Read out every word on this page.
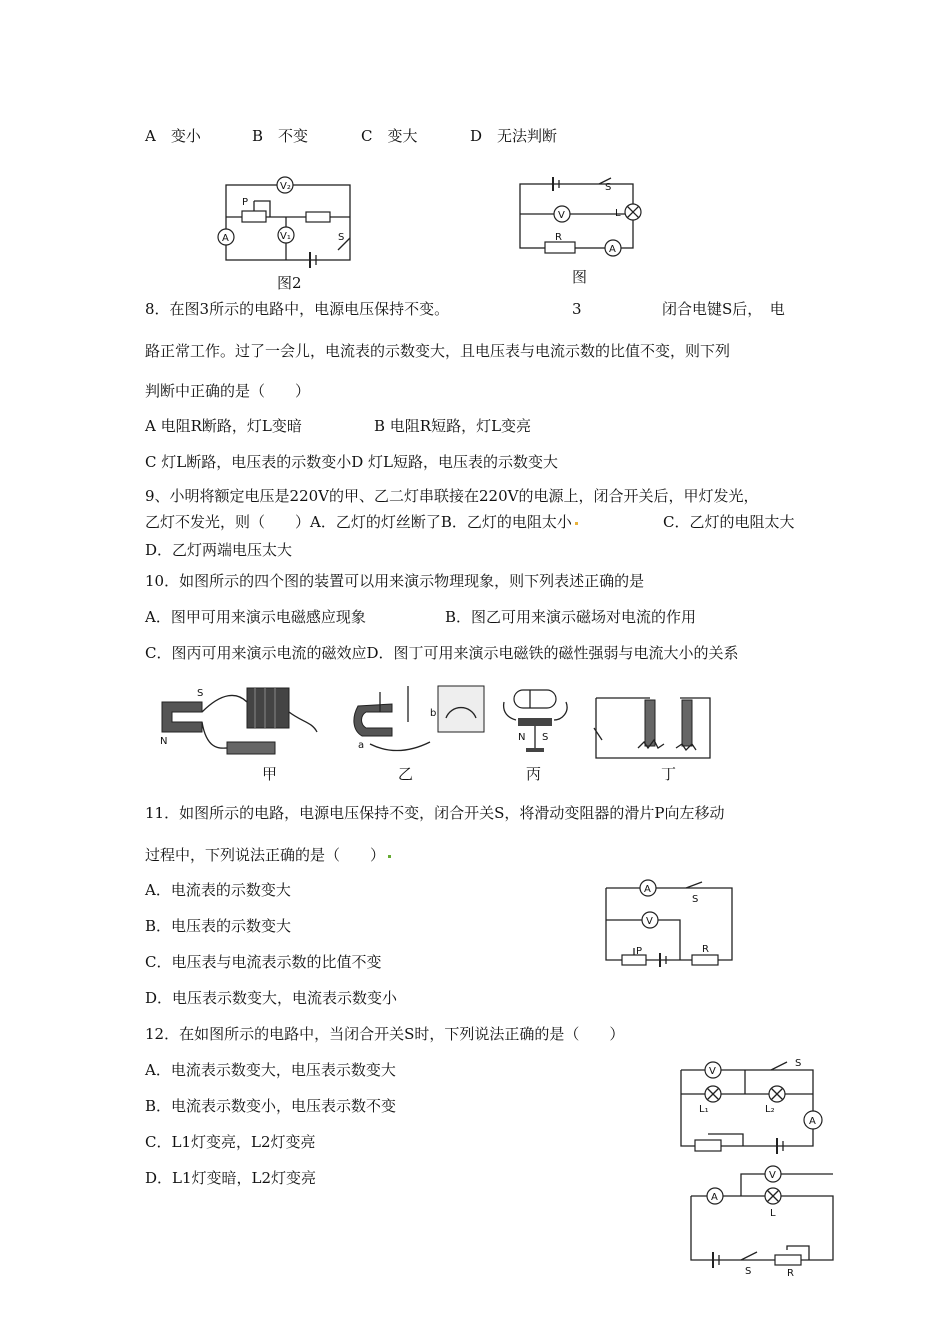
A　变小	B　不变	C　变大	D　无法判断
V₂
P
V₁
A	S
图2
S
V	L
R
A
图
8．在图3所示的电路中，电源电压保持不变。	3	闭合电键S后，　电
路正常工作。过了一会儿，电流表的示数变大，且电压表与电流示数的比值不变，则下列
判断中正确的是（　　）
A 电阻R断路，灯L变暗	B 电阻R短路，灯L变亮
C 灯L断路，电压表的示数变小D 灯L短路，电压表的示数变大
9、小明将额定电压是220V的甲、乙二灯串联接在220V的电源上，闭合开关后，甲灯发光，
乙灯不发光，则（　　）A．乙灯的灯丝断了B．乙灯的电阻太小	C．乙灯的电阻太大
D．乙灯两端电压太大
10．如图所示的四个图的装置可以用来演示物理现象，则下列表述正确的是
A．图甲可用来演示电磁感应现象	B．图乙可用来演示磁场对电流的作用
C．图丙可用来演示电流的磁效应D．图丁可用来演示电磁铁的磁性强弱与电流大小的关系
S
N	a
b
N S
甲	乙	丙	丁
11．如图所示的电路，电源电压保持不变，闭合开关S，将滑动变阻器的滑片P向左移动
过程中，下列说法正确的是（　　）
A．电流表的示数变大
B．电压表的示数变大
C．电压表与电流表示数的比值不变
D．电压表示数变大，电流表示数变小
A
S
V
P	R
12．在如图所示的电路中，当闭合开关S时，下列说法正确的是（　　）
A．电流表示数变大，电压表示数变大
B．电流表示数变小，电压表示数不变
C．L1灯变亮，L2灯变亮
D．L1灯变暗，L2灯变亮
V
S
L₁	L₂
A
A
V
L
S	R
